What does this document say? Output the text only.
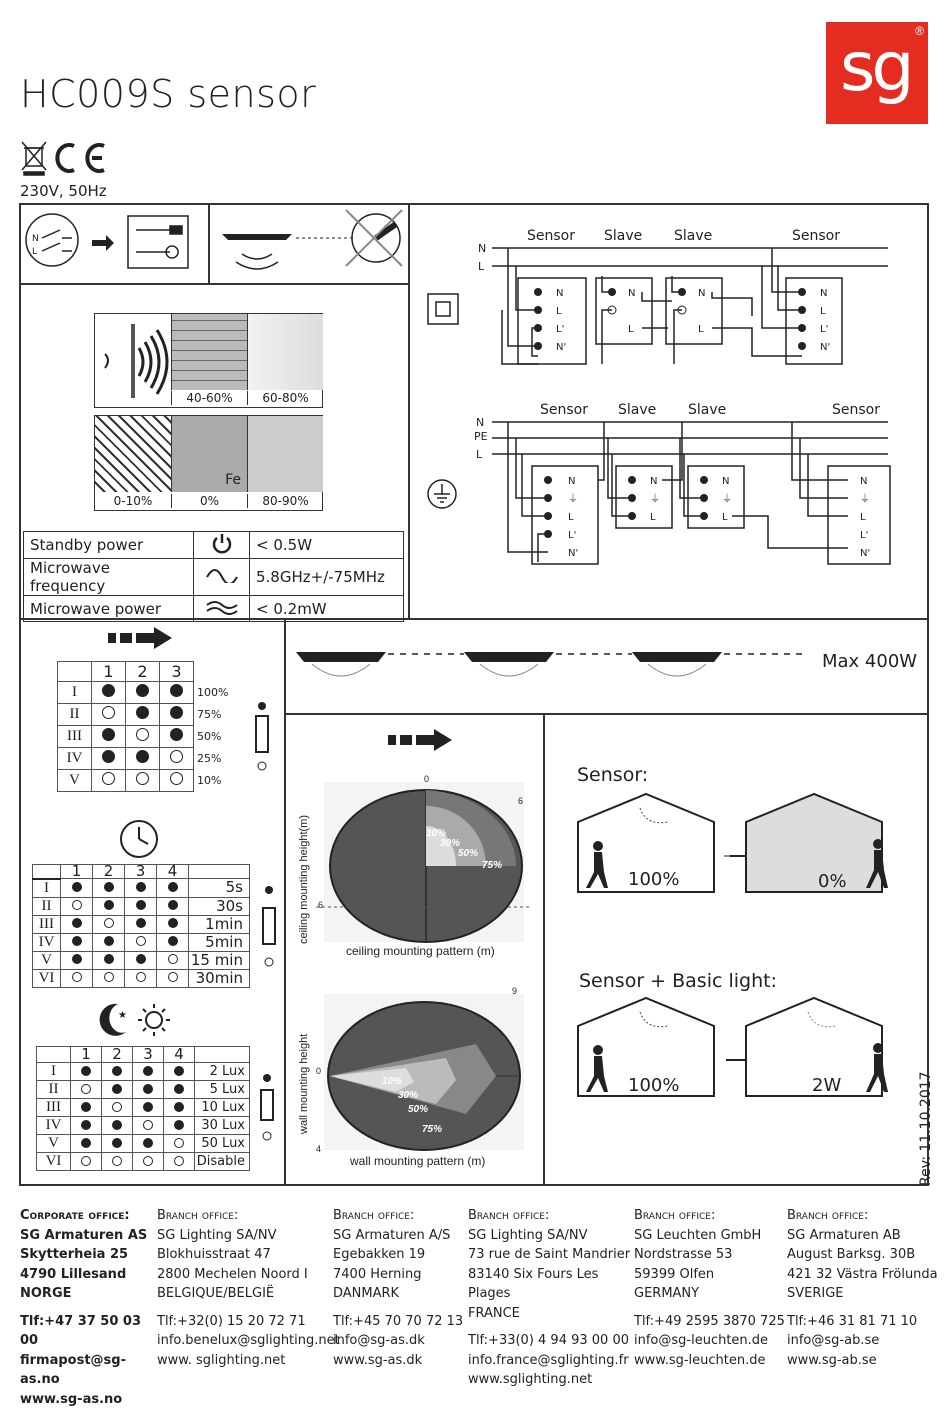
HC009S sensor	sg ®
230V, 50Hz
N
L
40-60%	60-80%
Fe
0-10%	0%	80-90%
Standby power		< 0.5W
Microwave frequency		5.8GHz+/-75MHz
Microwave power		< 0.2mW
Sensor Slave Slave	Sensor
N
L
N
L
L'
N'
N
L
N
L
N
L
L'
N'
Sensor Slave Slave	Sensor
N
PE
L
N
⏚
L
L'
N'
N
⏚
L
N
⏚
L
N
⏚
L
L'
N'
	1	2	3	
I				100%
II				75%
III				50%
IV				25%
V				10%
	1	2	3	4	
I					5s
II					30s
III					1min
IV					5min
V					15 min
VI					30min
★
	1	2	3	4	
I					2 Lux
II					5 Lux
III					10 Lux
IV					30 Lux
V					50 Lux
VI					Disable
Max 400W
0
6
6
10%
30%
50%
75%
ceiling mounting pattern (m)
ceiling mounting height(m)
9
0
4
10%
30%
50%
75%
wall mounting pattern (m)
wall mounting height
Sensor:
100%	0%
Sensor + Basic light:
100%	2W	Rev: 11.10.2017
Corporate office:
SG Armaturen AS
Skytterheia 25
4790 Lillesand
NORGE
Tlf:+47 37 50 03 00
firmapost@sg-as.no
www.sg-as.no
Branch office:
SG Lighting SA/NV
Blokhuisstraat 47
2800 Mechelen Noord I
BELGIQUE/BELGIË
Tlf:+32(0) 15 20 72 71
info.benelux@sglighting.net
www. sglighting.net
Branch office:
SG Armaturen A/S
Egebakken 19
7400 Herning
DANMARK
Tlf:+45 70 70 72 13
info@sg-as.dk
www.sg-as.dk
Branch office:
SG Lighting SA/NV
73 rue de Saint Mandrier
83140 Six Fours Les Plages
FRANCE
Tlf:+33(0) 4 94 93 00 00
info.france@sglighting.fr
www.sglighting.net
Branch office:
SG Leuchten GmbH
Nordstrasse 53
59399 Olfen
GERMANY
Tlf:+49 2595 3870 725
info@sg-leuchten.de
www.sg-leuchten.de
Branch office:
SG Armaturen AB
August Barksg. 30B
421 32 Västra Frölunda
SVERIGE
Tlf:+46 31 81 71 10
info@sg-ab.se
www.sg-ab.se
